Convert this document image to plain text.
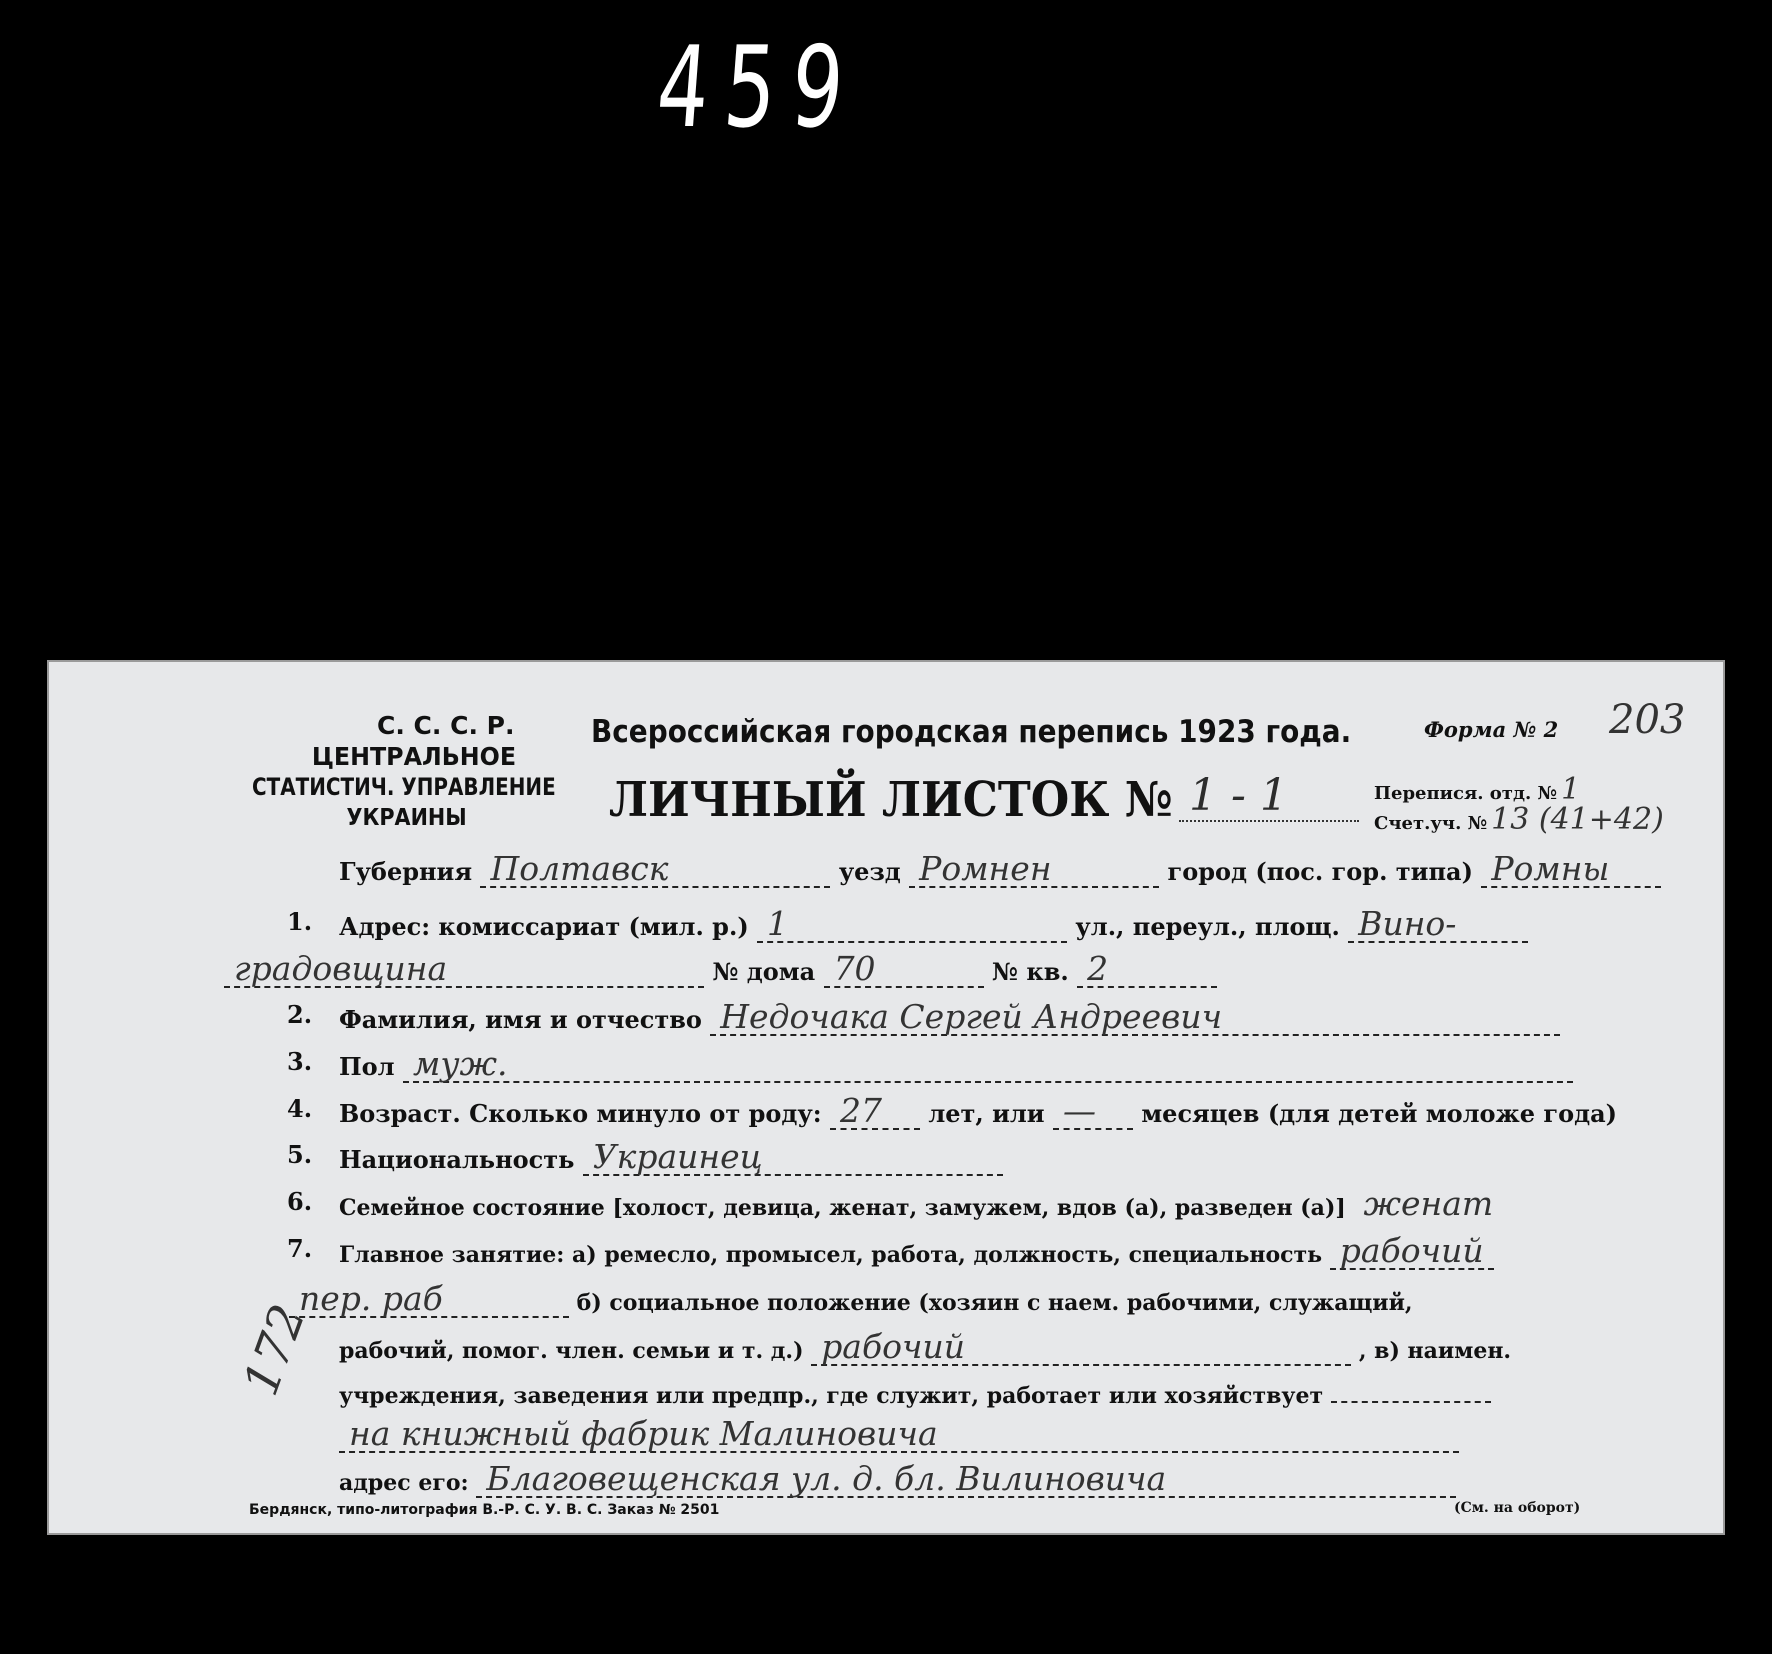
459
С. С. С. Р.
ЦЕНТРАЛЬНОЕ
СТАТИСТИЧ. УПРАВЛЕНИЕ
УКРАИНЫ
Всероссийская городская перепись 1923 года.	Форма № 2 203
ЛИЧНЫЙ ЛИСТОК № 1 - 1	Перепися. отд. № 1
Счет.уч. № 13 (41+42)
Губерния Полтавск	уезд Ромнен	город (пос. гор. типа) Ромны
1. Адрес: комиссариат (мил. р.) 1	ул., переул., площ. Вино-
градовщина	№ дома 70	№ кв. 2
2. Фамилия, имя и отчество Недочака Сергей Андреевич
3. Пол муж.
4. Возраст. Сколько минуло от роду: 27 лет, или — месяцев (для детей моложе года)
5. Национальность Украинец
6. Семейное состояние [холост, девица, женат, замужем, вдов (а), разведен (а)] женат
7. Главное занятие: а) ремесло, промысел, работа, должность, специальность рабочий
пер. раб	б) социальное положение (хозяин с наем. рабочими, служащий,
рабочий, помог. член. семьи и т. д.) рабочий	, в) наимен.
учреждения, заведения или предпр., где служит, работает или хозяйствует
на книжный фабрик Малиновича
адрес его: Благовещенская ул. д. бл. Вилиновича
172
Бердянск, типо-литография В.-Р. С. У. В. С. Заказ № 2501	(См. на оборот)
